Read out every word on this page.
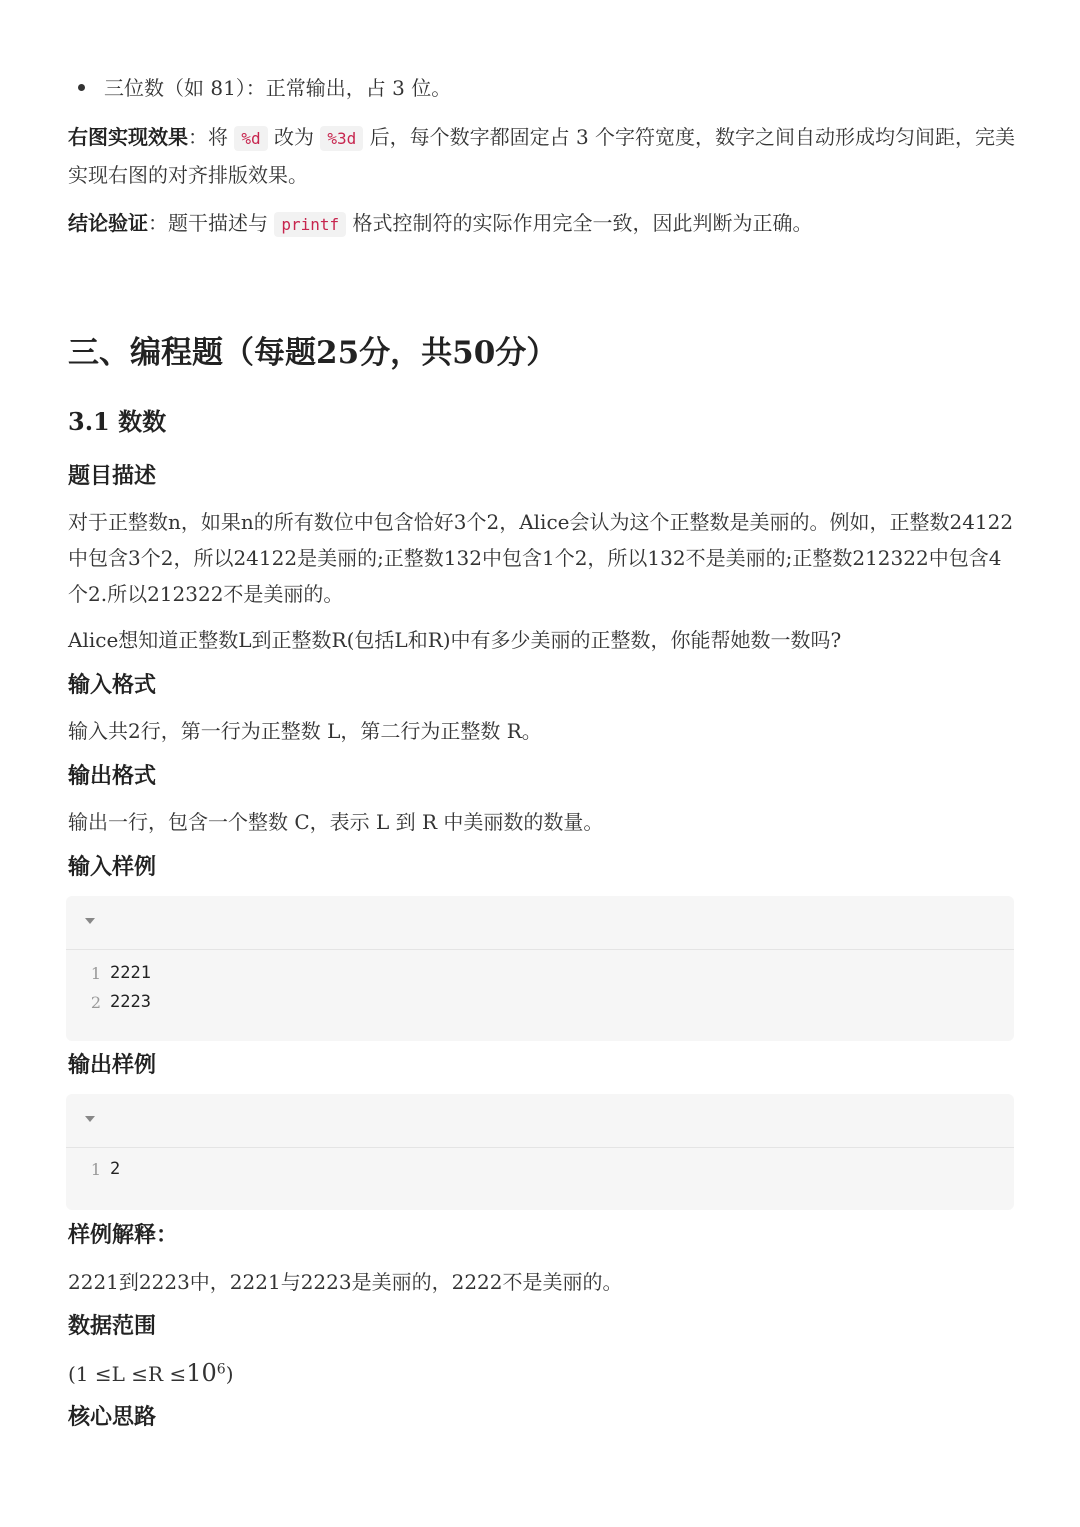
三位数（如 81）：正常输出，占 3 位。
右图实现效果：将 %d 改为 %3d 后，每个数字都固定占 3 个字符宽度，数字之间自动形成均匀间距，完美实现右图的对齐排版效果。
结论验证：题干描述与 printf 格式控制符的实际作用完全一致，因此判断为正确。
三、编程题（每题25分，共50分）
3.1 数数
题目描述
对于正整数n，如果n的所有数位中包含恰好3个2，Alice会认为这个正整数是美丽的。例如，正整数24122中包含3个2，所以24122是美丽的;正整数132中包含1个2，所以132不是美丽的;正整数212322中包含4个2.所以212322不是美丽的。
Alice想知道正整数L到正整数R(包括L和R)中有多少美丽的正整数，你能帮她数一数吗?
输入格式
输入共2行，第一行为正整数 L，第二行为正整数 R。
输出格式
输出一行，包含一个整数 C，表示 L 到 R 中美丽数的数量。
输入样例
1 2221
2 2223
输出样例
1 2
样例解释：
2221到2223中，2221与2223是美丽的，2222不是美丽的。
数据范围
$(1 \le L \le R \le 10^6)$
核心思路
